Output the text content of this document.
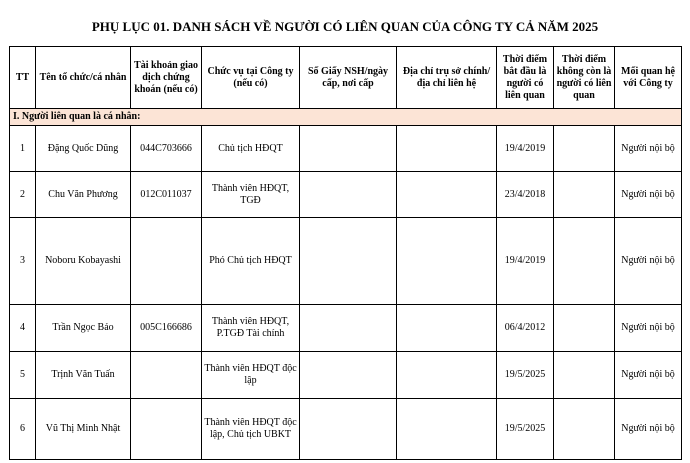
PHỤ LỤC 01. DANH SÁCH VỀ NGƯỜI CÓ LIÊN QUAN CỦA CÔNG TY CẢ NĂM 2025
TT	Tên tổ chức/cá nhân	Tài khoản giao dịch chứng khoán (nếu có)	Chức vụ tại Công ty (nếu có)	Số Giấy NSH/ngày cấp, nơi cấp	Địa chỉ trụ sở chính/địa chỉ liên hệ	Thời điểm bắt đầu là người có liên quan	Thời điểm không còn là người có liên quan	Mối quan hệ với Công ty
I. Người liên quan là cá nhân:								
1	Đặng Quốc Dũng	044C703666	Chủ tịch HĐQT			19/4/2019		Người nội bộ
2	Chu Văn Phương	012C011037	Thành viên HĐQT, TGĐ			23/4/2018		Người nội bộ
3	Noboru Kobayashi		Phó Chủ tịch HĐQT			19/4/2019		Người nội bộ
4	Trần Ngọc Bảo	005C166686	Thành viên HĐQT, P.TGĐ Tài chính			06/4/2012		Người nội bộ
5	Trịnh Văn Tuấn		Thành viên HĐQT độc lập			19/5/2025		Người nội bộ
6	Vũ Thị Minh Nhật		Thành viên HĐQT độc lập, Chủ tịch UBKT			19/5/2025		Người nội bộ
